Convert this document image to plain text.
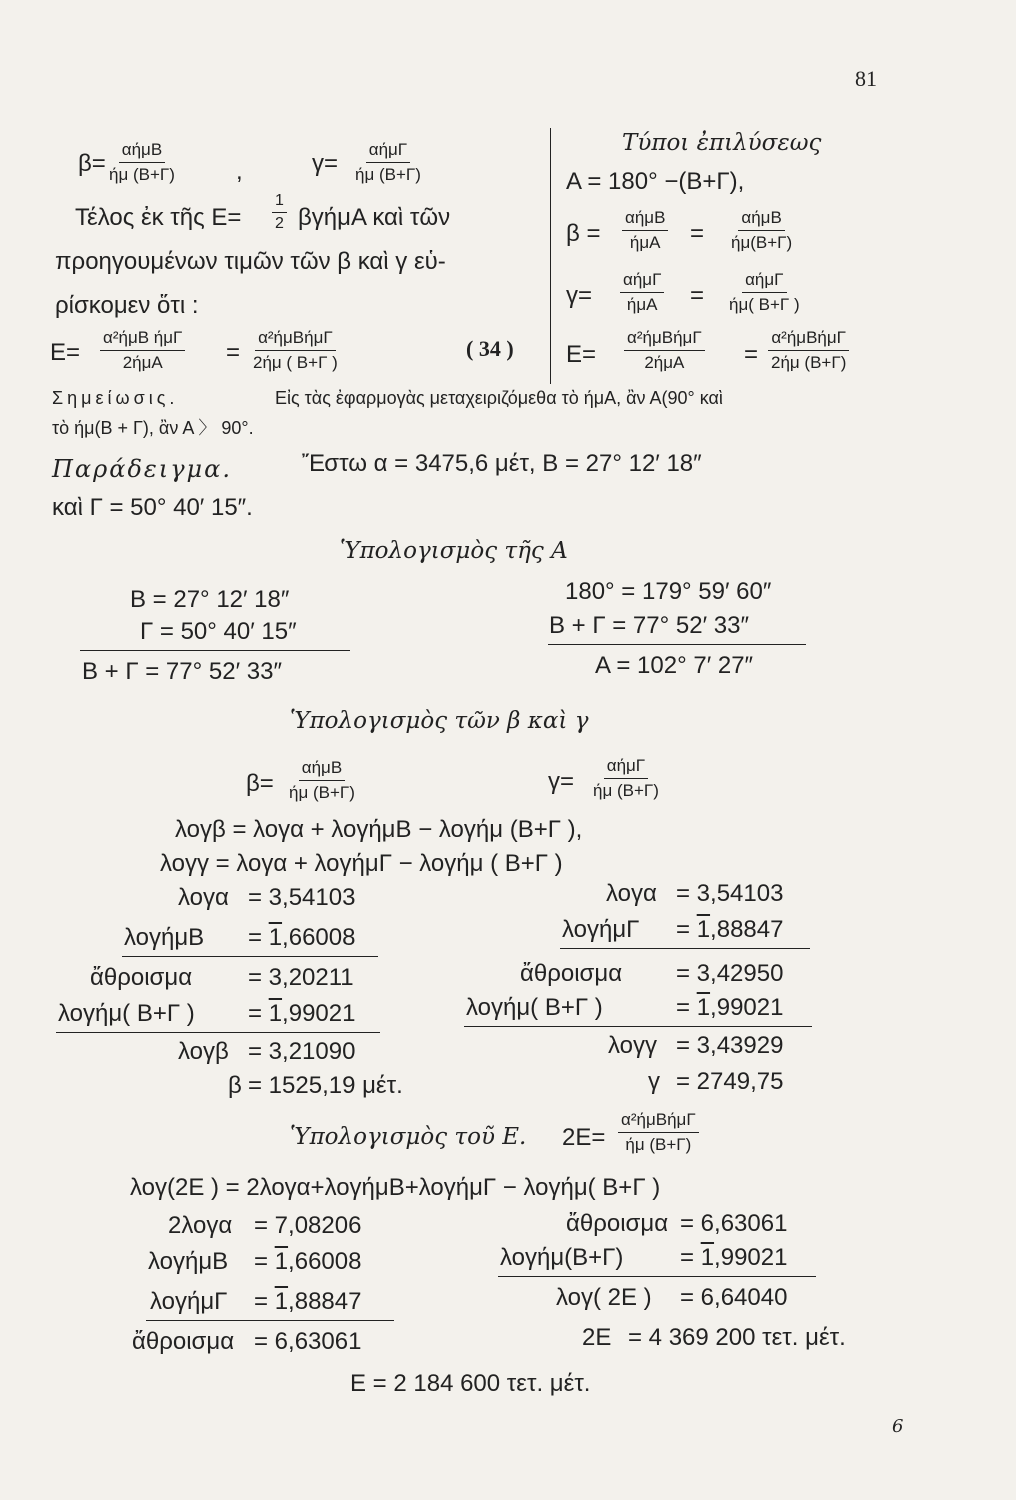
81
β=
αήμΒ
ήμ (Β+Γ)	,	γ=
αήμΓ
ήμ (Β+Γ)
Τέλος ἐκ τῆς $E= \frac{1}{2}$ βγήμΑ καὶ τῶν
προηγουμένων τιμῶν τῶν β καὶ γ εὑ-
ρίσκομεν ὅτι :
Ε=
α²ήμΒ ήμΓ
2ήμΑ	=
α²ήμΒήμΓ
2ήμ ( Β+Γ )
( 34 )
Τύποι ἐπιλύσεως
Α = 180° −(Β+Γ),
β =
αήμΒ
ήμΑ =
αήμΒ
ήμ(Β+Γ)
γ=
αήμΓ
ήμΑ =
αήμΓ
ήμ( Β+Γ )
Ε=
α²ήμΒήμΓ
2ήμΑ =
α²ήμΒήμΓ
2ήμ (Β+Γ)
Σημείωσις.	Εἰς τὰς ἐφαρμογὰς μεταχειριζόμεθα τὸ ήμΑ, ἂν Α(90° καὶ
τὸ ήμ(Β + Γ), ἂν Α 〉 90°.
Παράδειγμα.	Ἔστω α = 3475,6 μέτ, Β = 27° 12′ 18″
καὶ Γ = 50° 40′ 15″.
Ὑπολογισμὸς τῆς Α
Β = 27° 12′ 18″
Γ = 50° 40′ 15″
Β + Γ = 77° 52′ 33″
180° = 179° 59′ 60″
Β + Γ = 77° 52′ 33″
Α = 102° 7′ 27″
Ὑπολογισμὸς τῶν β καὶ γ
β=
αήμΒ
ήμ (Β+Γ)	γ=
αήμΓ
ήμ (Β+Γ)
λογβ = λογα + λογήμΒ − λογήμ (Β+Γ ),
λογγ = λογα + λογήμΓ − λογήμ ( Β+Γ )
λογα = 3,54103
λογήμΒ = 1,66008
ἄθροισμα = 3,20211
λογήμ( Β+Γ ) = 1,99021
λογβ = 3,21090
β = 1525,19 μέτ.
λογα = 3,54103
λογήμΓ = 1,88847
ἄθροισμα = 3,42950
λογήμ( Β+Γ )	= 1,99021
λογγ = 3,43929
γ = 2749,75
Ὑπολογισμὸς τοῦ Ε. 2Ε=
α²ήμΒήμΓ
ήμ (Β+Γ)
λογ(2Ε ) = 2λογα+λογήμΒ+λογήμΓ − λογήμ( Β+Γ )
2λογα = 7,08206
λογήμΒ = 1,66008
λογήμΓ = 1,88847
ἄθροισμα = 6,63061
ἄθροισμα = 6,63061
λογήμ(Β+Γ) = 1,99021
λογ( 2Ε ) = 6,64040
2Ε = 4 369 200 τετ. μέτ.
Ε = 2 184 600 τετ. μέτ.
6
